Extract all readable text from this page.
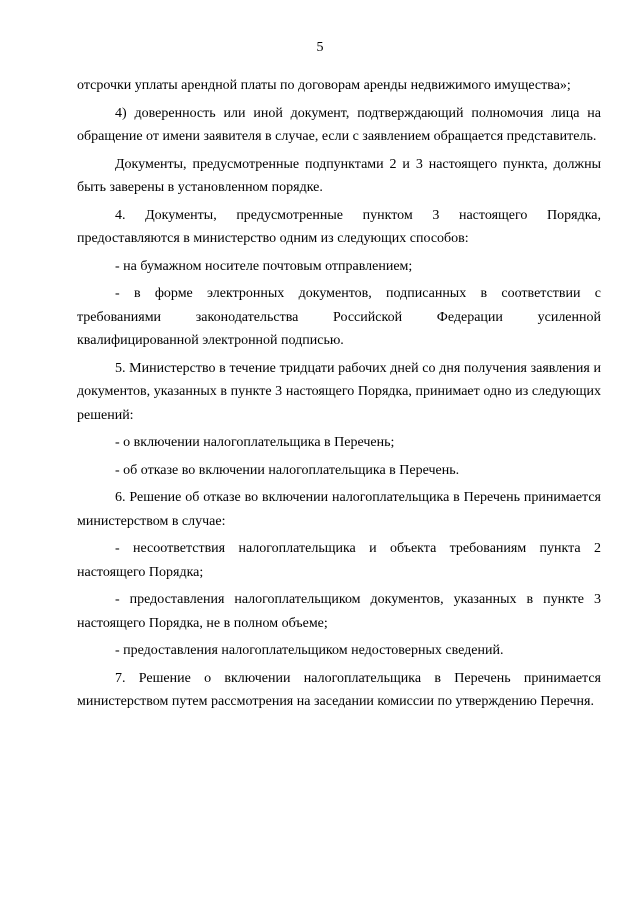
5

отсрочки уплаты арендной платы по договорам аренды недвижимого имущества»;

4) доверенность или иной документ, подтверждающий полномочия лица на обращение от имени заявителя в случае, если с заявлением обращается представитель.

Документы, предусмотренные подпунктами 2 и 3 настоящего пункта, должны быть заверены в установленном порядке.

4. Документы, предусмотренные пунктом 3 настоящего Порядка, предоставляются в министерство одним из следующих способов:

- на бумажном носителе почтовым отправлением;

- в форме электронных документов, подписанных в соответствии с требованиями законодательства Российской Федерации усиленной квалифицированной электронной подписью.

5. Министерство в течение тридцати рабочих дней со дня получения заявления и документов, указанных в пункте 3 настоящего Порядка, принимает одно из следующих решений:

- о включении налогоплательщика в Перечень;

- об отказе во включении налогоплательщика в Перечень.

6. Решение об отказе во включении налогоплательщика в Перечень принимается министерством в случае:

- несоответствия налогоплательщика и объекта требованиям пункта 2 настоящего Порядка;

- предоставления налогоплательщиком документов, указанных в пункте 3 настоящего Порядка, не в полном объеме;

- предоставления налогоплательщиком недостоверных сведений.

7. Решение о включении налогоплательщика в Перечень принимается министерством путем рассмотрения на заседании комиссии по утверждению Перечня.
